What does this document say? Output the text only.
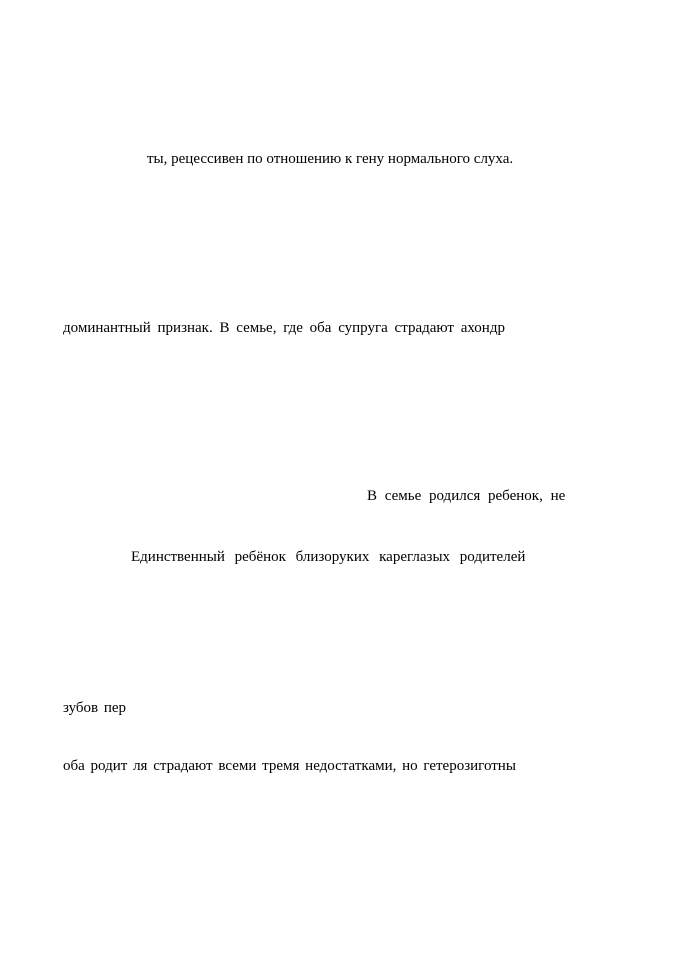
ты, рецессивен по отношению к гену нормального слуха.
доминантный признак. В семье, где оба супруга страдают ахондр
В семье родился ребенок, не
Единственный ребёнок близоруких кареглазых родителей
зубов пер
оба родит ля страдают всеми тремя недостатками, но гетерозиготны
